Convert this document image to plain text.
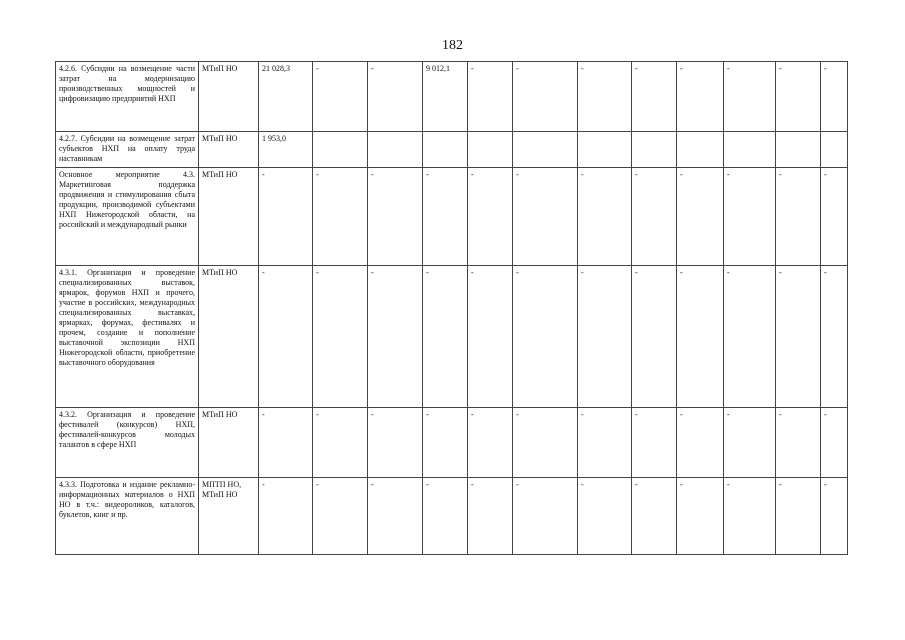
182
4.2.6. Субсидии на возмещение части затрат на модернизацию производственных мощностей и цифровизацию предприятий НХП	МТиП НО	21 028,3	-	-	9 012,1	-	-	-	-	-	-	-	-
4.2.7. Субсидии на возмещение затрат субъектов НХП на оплату труда наставникам	МТиП НО	1 953,0											
Основное мероприятие 4.3. Маркетинговая поддержка продвижения и стимулирования сбыта продукции, производимой субъектами НХП Нижегородской области, на российский и международный рынки	МТиП НО	-	-	-	-	-	-	-	-	-	-	-	-
4.3.1. Организация и проведение специализированных выставок, ярмарок, форумов НХП и прочего, участие в российских, международных специализированных выставках, ярмарках, форумах, фестивалях и прочем, создание и пополнение выставочной экспозиции НХП Нижегородской области, приобретение выставочного оборудования	МТиП НО	-	-	-	-	-	-	-	-	-	-	-	-
4.3.2. Организация и проведение фестивалей (конкурсов) НХП, фестивалей-конкурсов молодых талантов в сфере НХП	МТиП НО	-	-	-	-	-	-	-	-	-	-	-	-
4.3.3. Подготовка и издание рекламно-информационных материалов о НХП НО в т.ч.: видеороликов, каталогов, буклетов, книг и пр.	МПТП НО, МТиП НО	-	-	-	-	-	-	-	-	-	-	-	-
